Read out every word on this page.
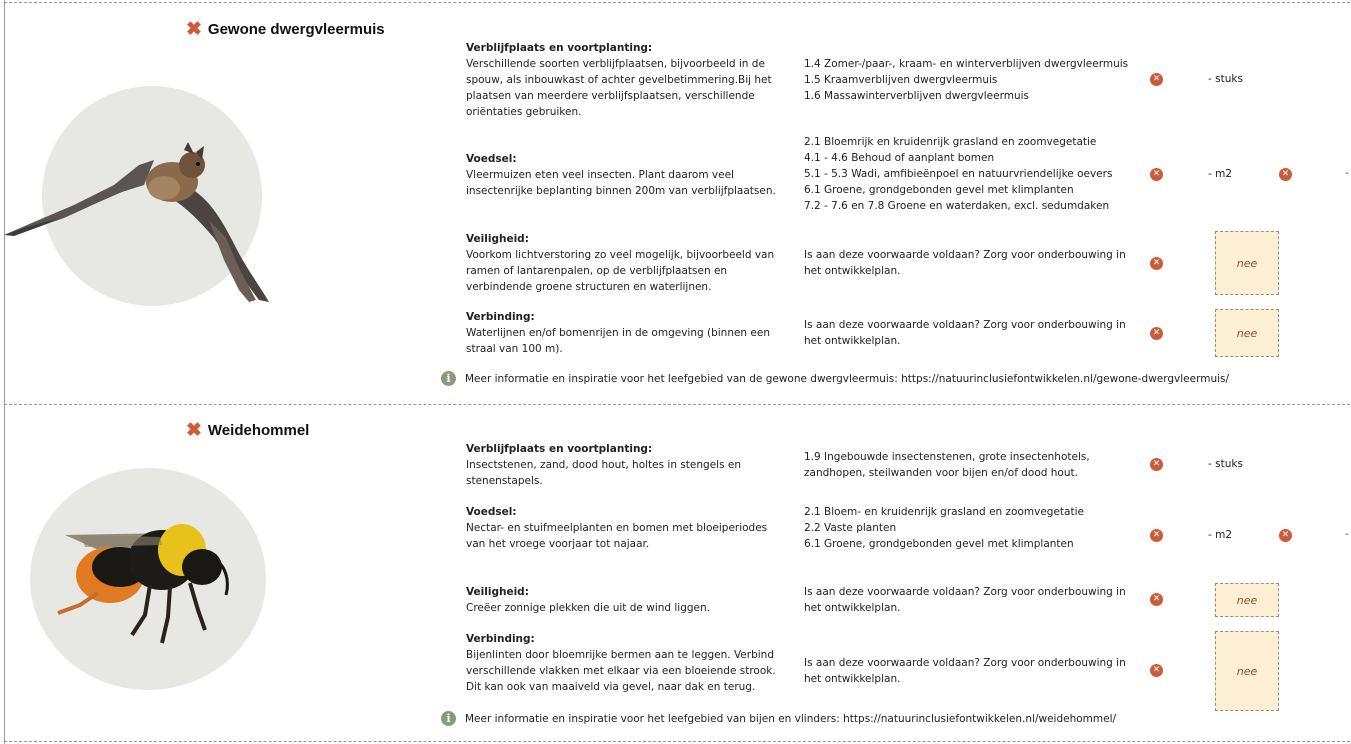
✖ Gewone dwergvleermuis
Verblijfplaats en voortplanting:
Verschillende soorten verblijfplaatsen, bijvoorbeeld in de spouw, als inbouwkast of achter gevelbetimmering.Bij het plaatsen van meerdere verblijfsplaatsen, verschillende oriëntaties gebruiken.
1.4 Zomer-/paar-, kraam- en winterverblijven dwergvleermuis
1.5 Kraamverblijven dwergvleermuis
1.6 Massawinterverblijven dwergvleermuis
✕	- stuks
Voedsel:
Vleermuizen eten veel insecten. Plant daarom veel insectenrijke beplanting binnen 200m van verblijfplaatsen.
2.1 Bloemrijk en kruidenrijk grasland en zoomvegetatie
4.1 - 4.6 Behoud of aanplant bomen
5.1 - 5.3 Wadi, amfibieënpoel en natuurvriendelijke oevers
6.1 Groene, grondgebonden gevel met klimplanten
7.2 - 7.6 en 7.8 Groene en waterdaken, excl. sedumdaken
✕	- m2	✕	-
Veiligheid:
Voorkom lichtverstoring zo veel mogelijk, bijvoorbeeld van ramen of lantarenpalen, op de verblijfplaatsen en verbindende groene structuren en waterlijnen.
Is aan deze voorwaarde voldaan? Zorg voor onderbouwing in het ontwikkelplan.
✕	nee
Verbinding:
Waterlijnen en/of bomenrijen in de omgeving (binnen een straal van 100 m).
Is aan deze voorwaarde voldaan? Zorg voor onderbouwing in het ontwikkelplan.
✕	nee
i	Meer informatie en inspiratie voor het leefgebied van de gewone dwergvleermuis: https://natuurinclusiefontwikkelen.nl/gewone-dwergvleermuis/
✖ Weidehommel
Verblijfplaats en voortplanting:
Insectstenen, zand, dood hout, holtes in stengels en stenenstapels.
1.9 Ingebouwde insectenstenen, grote insectenhotels, zandhopen, steilwanden voor bijen en/of dood hout.
✕	- stuks
Voedsel:
Nectar- en stuifmeelplanten en bomen met bloeiperiodes van het vroege voorjaar tot najaar.
2.1 Bloem- en kruidenrijk grasland en zoomvegetatie
2.2 Vaste planten
6.1 Groene, grondgebonden gevel met klimplanten
✕	- m2	✕	-
Veiligheid:
Creëer zonnige plekken die uit de wind liggen.
Is aan deze voorwaarde voldaan? Zorg voor onderbouwing in het ontwikkelplan.
✕	nee
Verbinding:
Bijenlinten door bloemrijke bermen aan te leggen. Verbind verschillende vlakken met elkaar via een bloeiende strook. Dit kan ook van maaiveld via gevel, naar dak en terug.
Is aan deze voorwaarde voldaan? Zorg voor onderbouwing in het ontwikkelplan.
✕	nee
i	Meer informatie en inspiratie voor het leefgebied van bijen en vlinders: https://natuurinclusiefontwikkelen.nl/weidehommel/
